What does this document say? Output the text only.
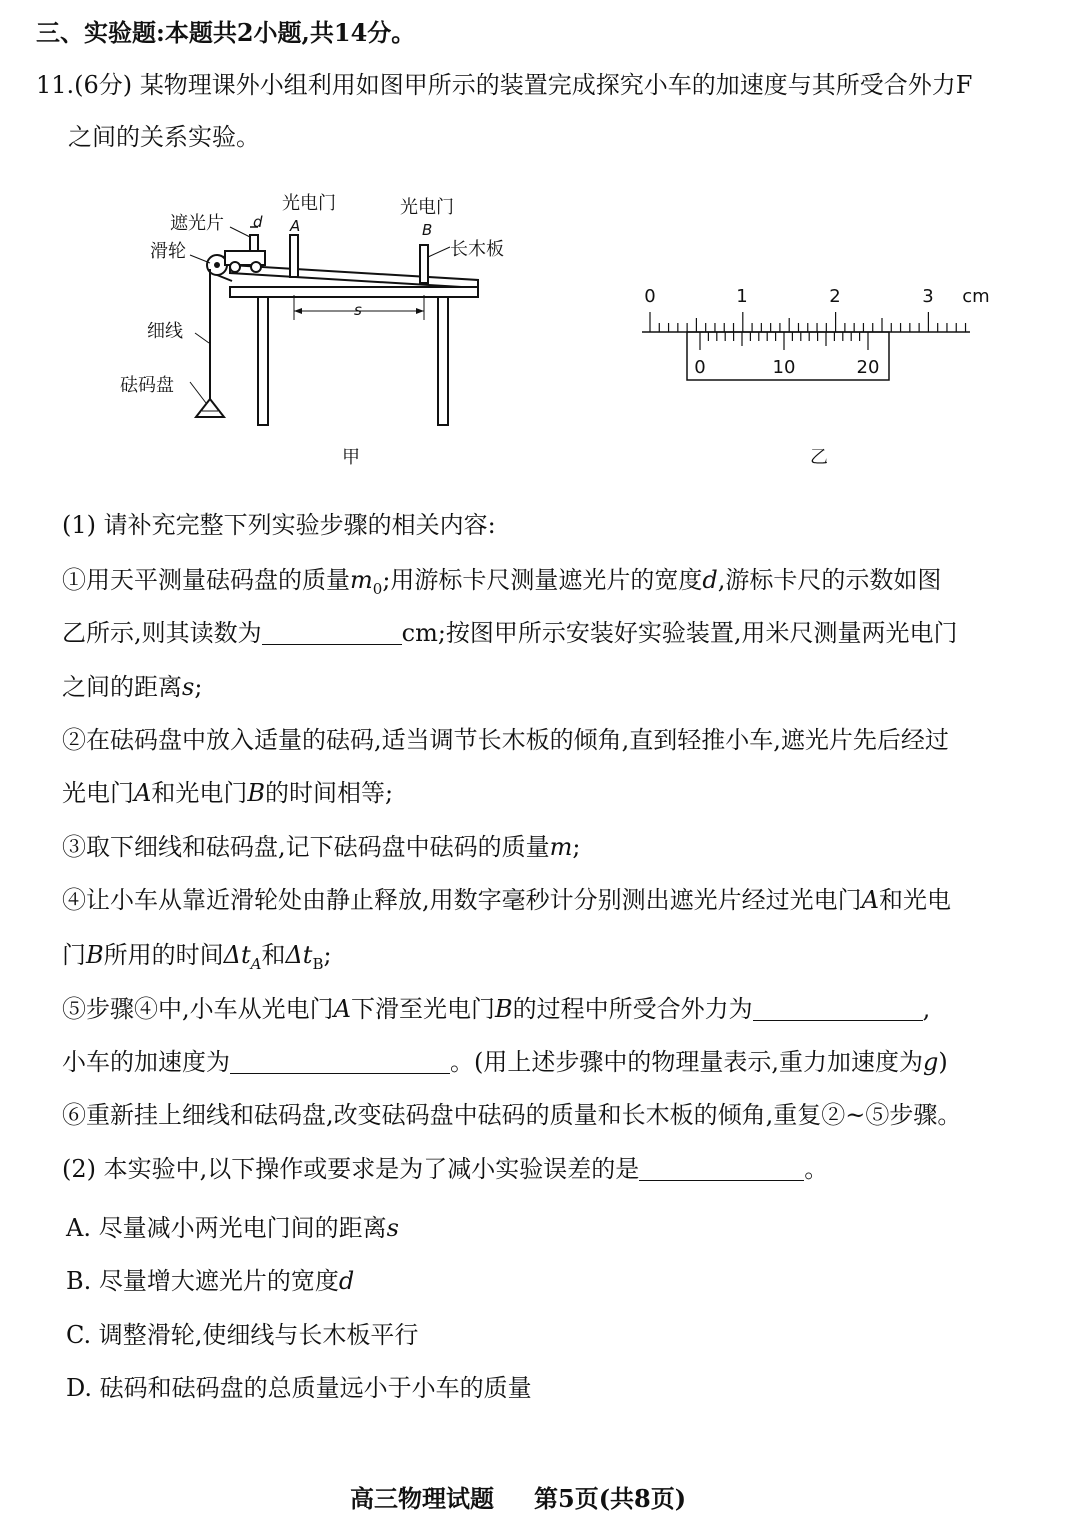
三、实验题:本题共2小题,共14分。
11.(6分) 某物理课外小组利用如图甲所示的装置完成探究小车的加速度与其所受合外力F
之间的关系实验。
遮光片 d
滑轮
光电门
A
光电门
B
长木板
细线
砝码盘
s
甲
0	1	2	3 cm
0	10	20
乙
(1) 请补充完整下列实验步骤的相关内容:
①用天平测量砝码盘的质量$m_0$;用游标卡尺测量遮光片的宽度d,游标卡尺的示数如图
乙所示,则其读数为	cm;按图甲所示安装好实验装置,用米尺测量两光电门
之间的距离s;
②在砝码盘中放入适量的砝码,适当调节长木板的倾角,直到轻推小车,遮光片先后经过
光电门A和光电门B的时间相等;
③取下细线和砝码盘,记下砝码盘中砝码的质量m;
④让小车从靠近滑轮处由静止释放,用数字毫秒计分别测出遮光片经过光电门A和光电
门B所用的时间$\Delta t_A$和$\Delta t_B$;
⑤步骤④中,小车从光电门A下滑至光电门B的过程中所受合外力为	,
小车的加速度为	。(用上述步骤中的物理量表示,重力加速度为g)
⑥重新挂上细线和砝码盘,改变砝码盘中砝码的质量和长木板的倾角,重复②~⑤步骤。
(2) 本实验中,以下操作或要求是为了减小实验误差的是	。
A. 尽量减小两光电门间的距离s
B. 尽量增大遮光片的宽度d
C. 调整滑轮,使细线与长木板平行
D. 砝码和砝码盘的总质量远小于小车的质量
高三物理试题 第5页(共8页)
